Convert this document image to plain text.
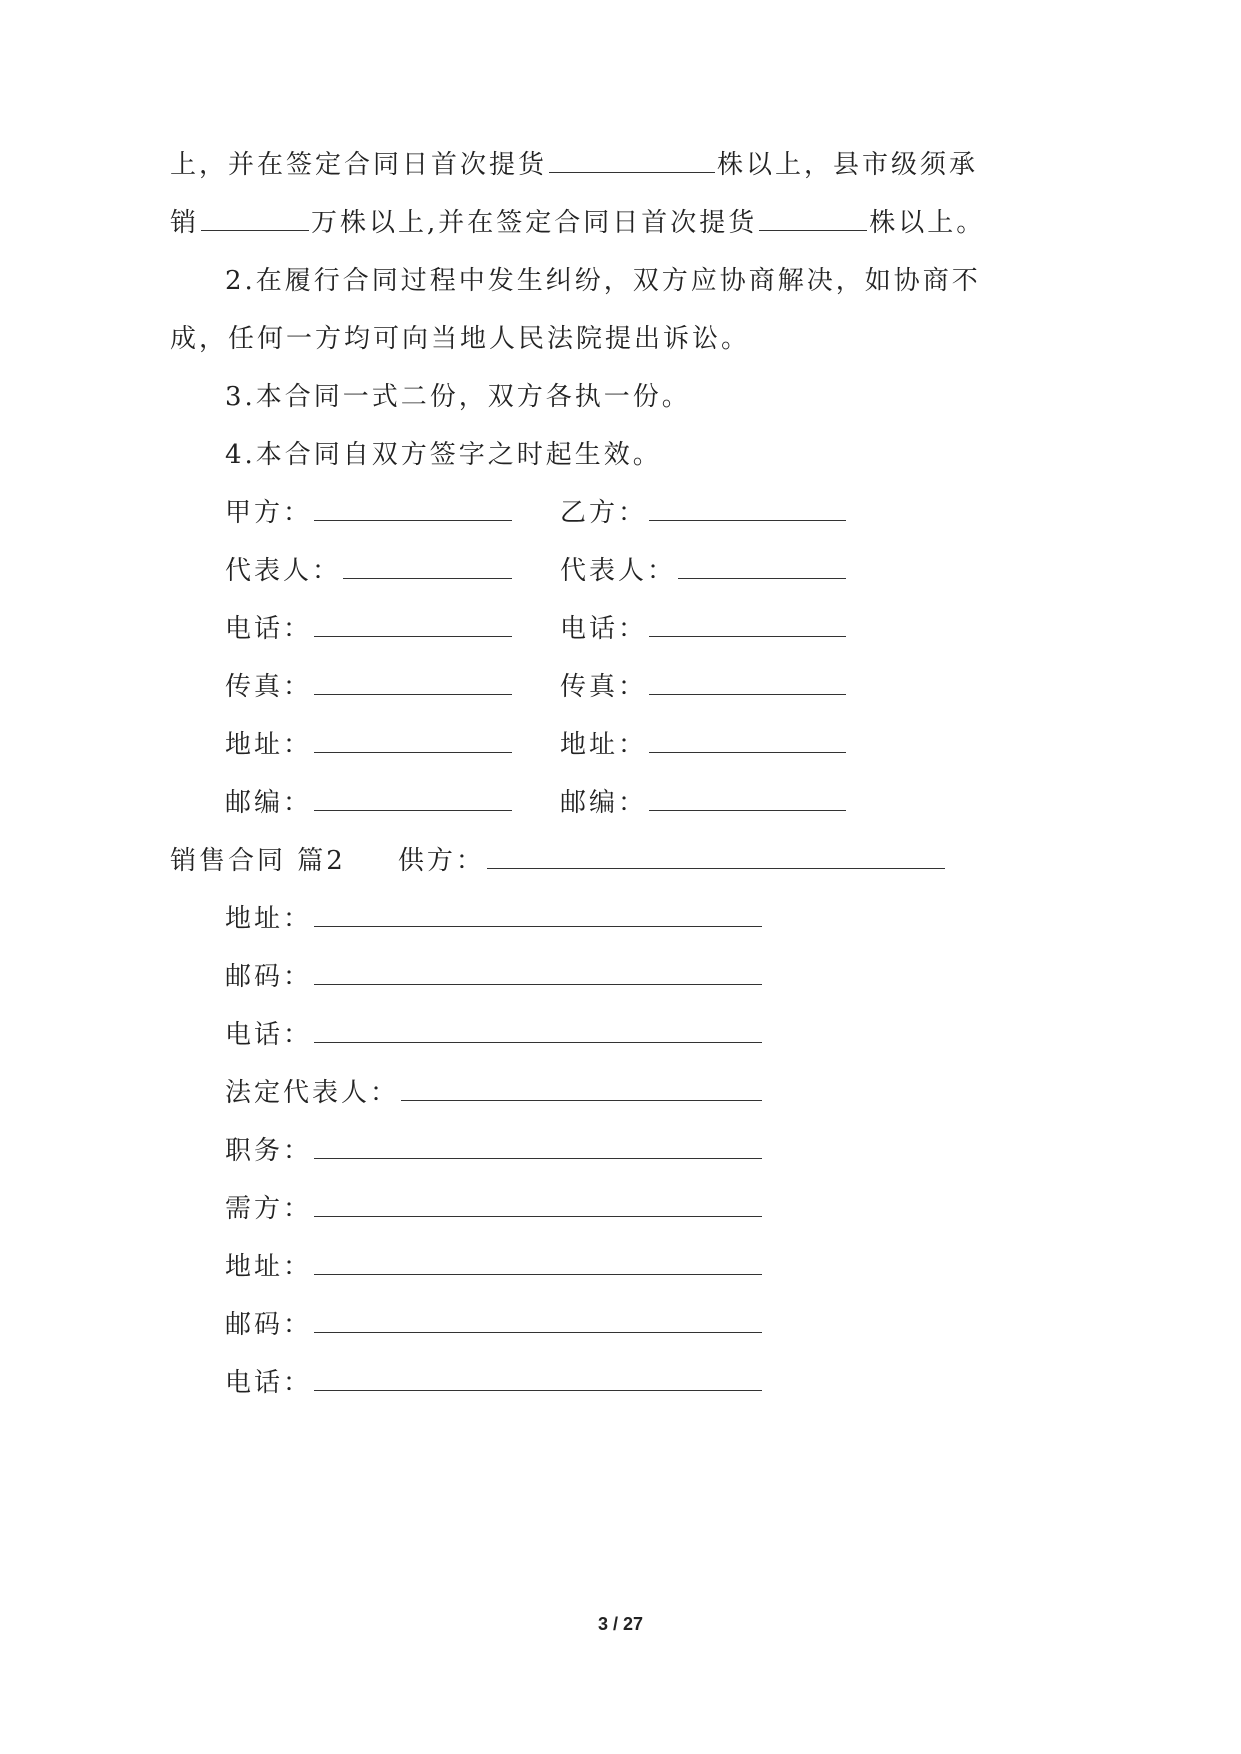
上，并在签定合同日首次提货	株以上，县市级须承
销	万株以上,并在签定合同日首次提货	株以上。
2.在履行合同过程中发生纠纷，双方应协商解决，如协商不
成，任何一方均可向当地人民法院提出诉讼。
3.本合同一式二份，双方各执一份。
4.本合同自双方签字之时起生效。
甲方：	乙方：
代表人：	代表人：
电话：	电话：
传真：	传真：
地址：	地址：
邮编：	邮编：
销售合同 篇2 供方：
地址：
邮码：
电话：
法定代表人：
职务：
需方：
地址：
邮码：
电话：
3 / 27
